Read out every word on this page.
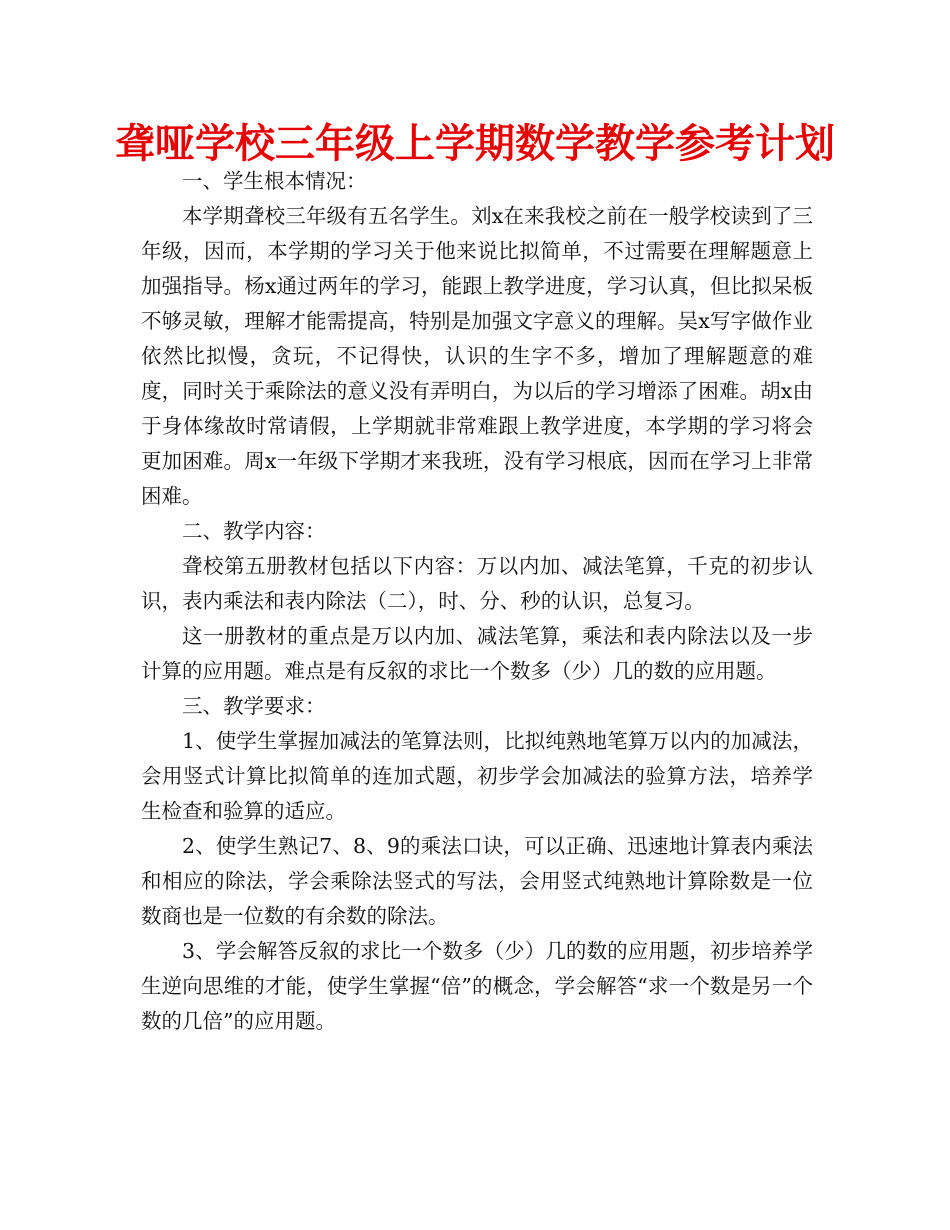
聋哑学校三年级上学期数学教学参考计划

一、学生根本情况：

本学期聋校三年级有五名学生。刘x在来我校之前在一般学校读到了三年级，因而，本学期的学习关于他来说比拟简单，不过需要在理解题意上加强指导。杨x通过两年的学习，能跟上教学进度，学习认真，但比拟呆板不够灵敏，理解才能需提高，特别是加强文字意义的理解。吴x写字做作业依然比拟慢，贪玩，不记得快，认识的生字不多，增加了理解题意的难度，同时关于乘除法的意义没有弄明白，为以后的学习增添了困难。胡x由于身体缘故时常请假，上学期就非常难跟上教学进度，本学期的学习将会更加困难。周x一年级下学期才来我班，没有学习根底，因而在学习上非常困难。

二、教学内容：

聋校第五册教材包括以下内容：万以内加、减法笔算，千克的初步认识，表内乘法和表内除法（二），时、分、秒的认识，总复习。

这一册教材的重点是万以内加、减法笔算，乘法和表内除法以及一步计算的应用题。难点是有反叙的求比一个数多（少）几的数的应用题。

三、教学要求：

1、使学生掌握加减法的笔算法则，比拟纯熟地笔算万以内的加减法，会用竖式计算比拟简单的连加式题，初步学会加减法的验算方法，培养学生检查和验算的适应。

2、使学生熟记7、8、9的乘法口诀，可以正确、迅速地计算表内乘法和相应的除法，学会乘除法竖式的写法，会用竖式纯熟地计算除数是一位数商也是一位数的有余数的除法。

3、学会解答反叙的求比一个数多（少）几的数的应用题，初步培养学生逆向思维的才能，使学生掌握“倍”的概念，学会解答“求一个数是另一个数的几倍”的应用题。
